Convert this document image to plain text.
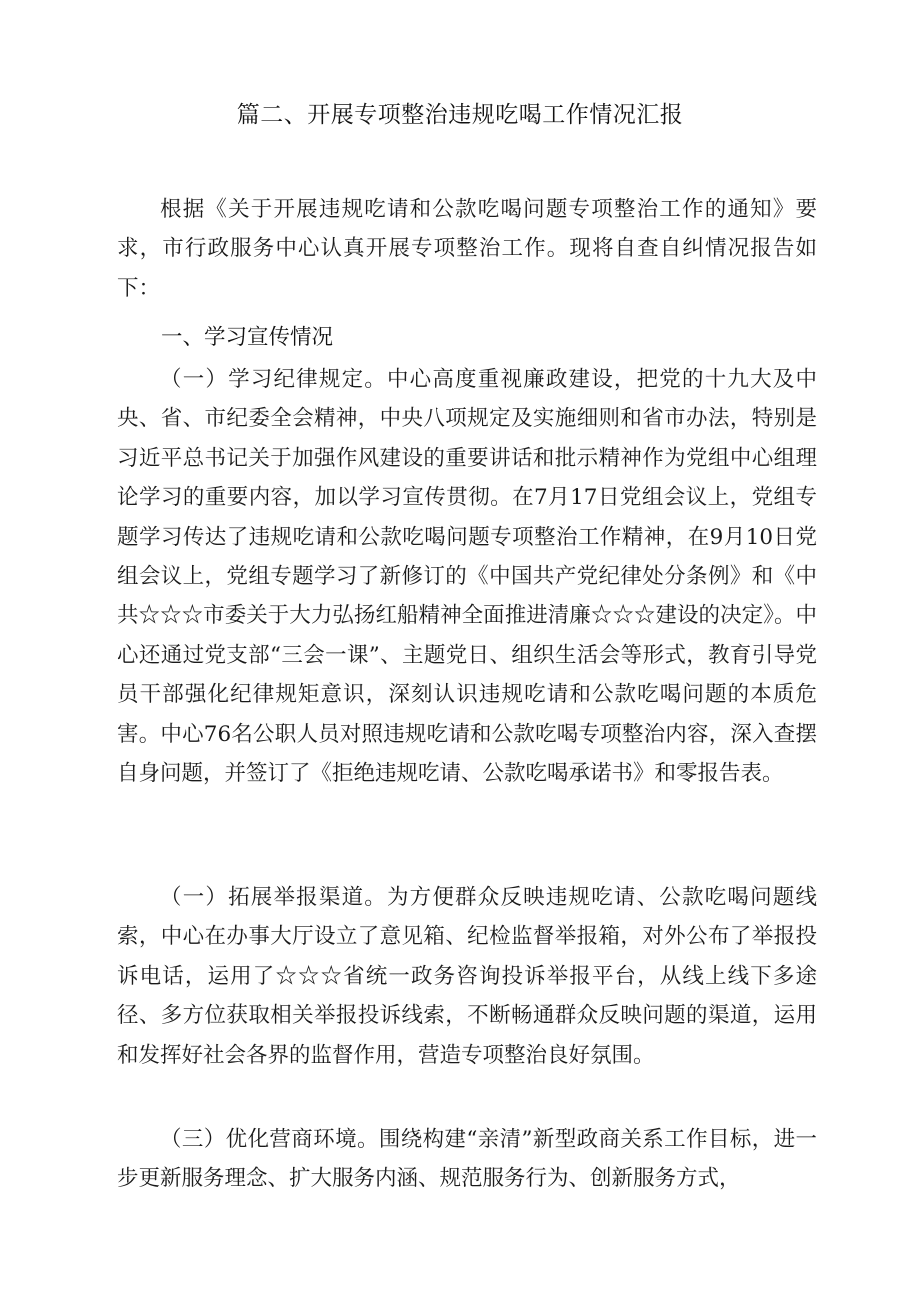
篇二、开展专项整治违规吃喝工作情况汇报
根据《关于开展违规吃请和公款吃喝问题专项整治工作的通知》要求，市行政服务中心认真开展专项整治工作。现将自查自纠情况报告如下：
一、学习宣传情况
（一）学习纪律规定。中心高度重视廉政建设，把党的十九大及中央、省、市纪委全会精神，中央八项规定及实施细则和省市办法，特别是习近平总书记关于加强作风建设的重要讲话和批示精神作为党组中心组理论学习的重要内容，加以学习宣传贯彻。在7月17日党组会议上，党组专题学习传达了违规吃请和公款吃喝问题专项整治工作精神，在9月10日党组会议上，党组专题学习了新修订的《中国共产党纪律处分条例》和《中共☆☆☆市委关于大力弘扬红船精神全面推进清廉☆☆☆建设的决定》。中心还通过党支部“三会一课”、主题党日、组织生活会等形式，教育引导党员干部强化纪律规矩意识，深刻认识违规吃请和公款吃喝问题的本质危害。中心76名公职人员对照违规吃请和公款吃喝专项整治内容，深入查摆自身问题，并签订了《拒绝违规吃请、公款吃喝承诺书》和零报告表。
（一）拓展举报渠道。为方便群众反映违规吃请、公款吃喝问题线索，中心在办事大厅设立了意见箱、纪检监督举报箱，对外公布了举报投诉电话，运用了☆☆☆省统一政务咨询投诉举报平台，从线上线下多途径、多方位获取相关举报投诉线索，不断畅通群众反映问题的渠道，运用和发挥好社会各界的监督作用，营造专项整治良好氛围。
（三）优化营商环境。围绕构建“亲清”新型政商关系工作目标，进一步更新服务理念、扩大服务内涵、规范服务行为、创新服务方式，
